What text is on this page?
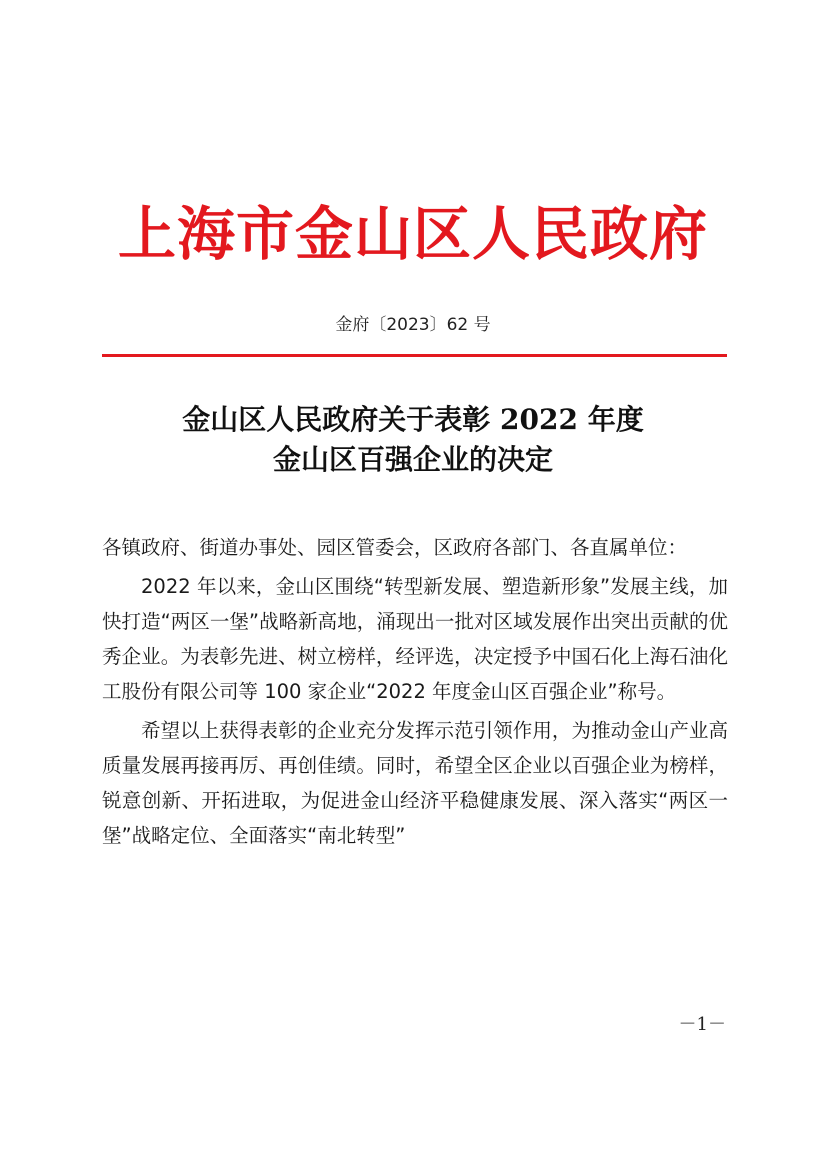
上海市金山区人民政府
金府〔2023〕62 号
金山区人民政府关于表彰 2022 年度
金山区百强企业的决定

各镇政府、街道办事处、园区管委会，区政府各部门、各直属单位：

2022 年以来，金山区围绕“转型新发展、塑造新形象”发展主线，加快打造“两区一堡”战略新高地，涌现出一批对区域发展作出突出贡献的优秀企业。为表彰先进、树立榜样，经评选，决定授予中国石化上海石油化工股份有限公司等 100 家企业“2022 年度金山区百强企业”称号。

希望以上获得表彰的企业充分发挥示范引领作用，为推动金山产业高质量发展再接再厉、再创佳绩。同时，希望全区企业以百强企业为榜样，锐意创新、开拓进取，为促进金山经济平稳健康发展、深入落实“两区一堡”战略定位、全面落实“南北转型”

－1－
